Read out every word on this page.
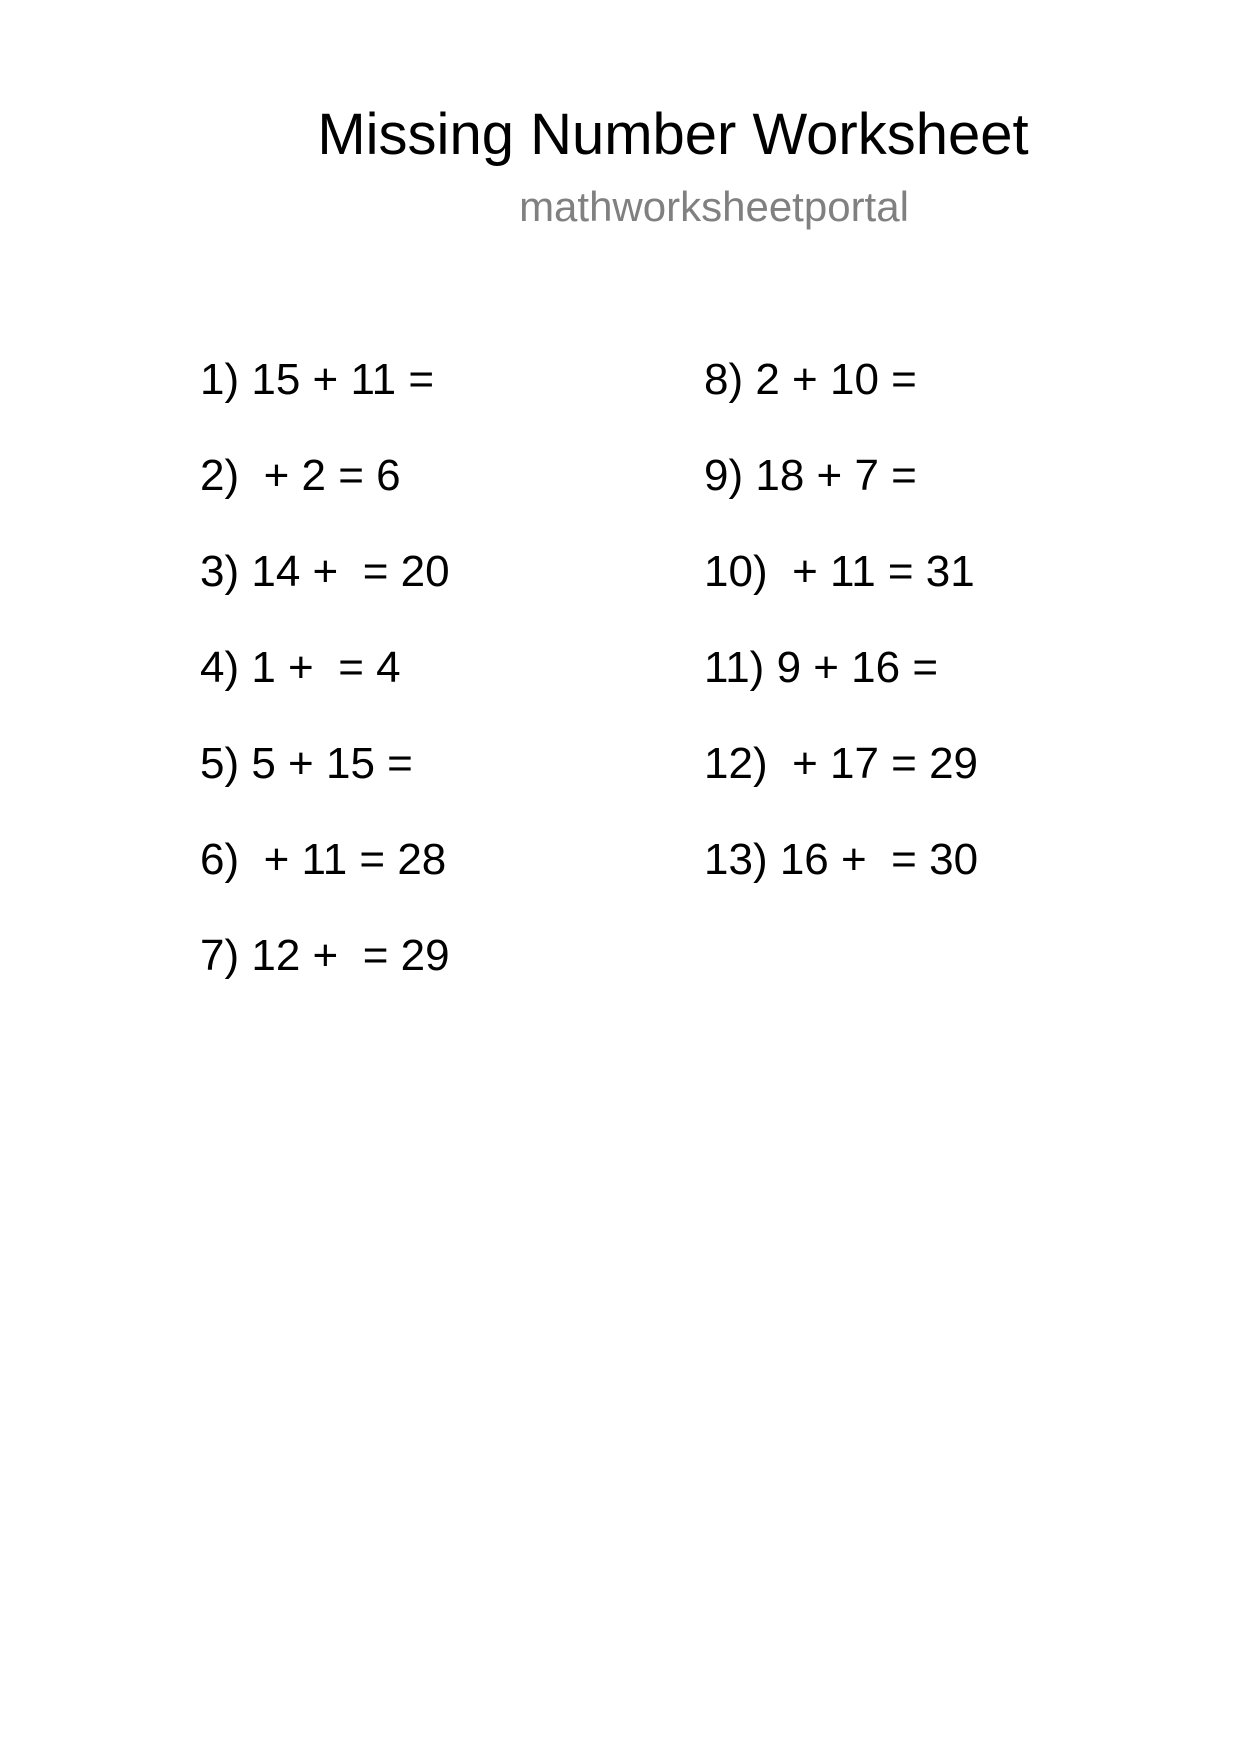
Missing Number Worksheet
mathworksheetportal
1) 15 + 11 =
2) + 2 = 6
3) 14 + = 20
4) 1 + = 4
5) 5 + 15 =
6) + 11 = 28
7) 12 + = 29
8) 2 + 10 =
9) 18 + 7 =
10) + 11 = 31
11) 9 + 16 =
12) + 17 = 29
13) 16 + = 30
